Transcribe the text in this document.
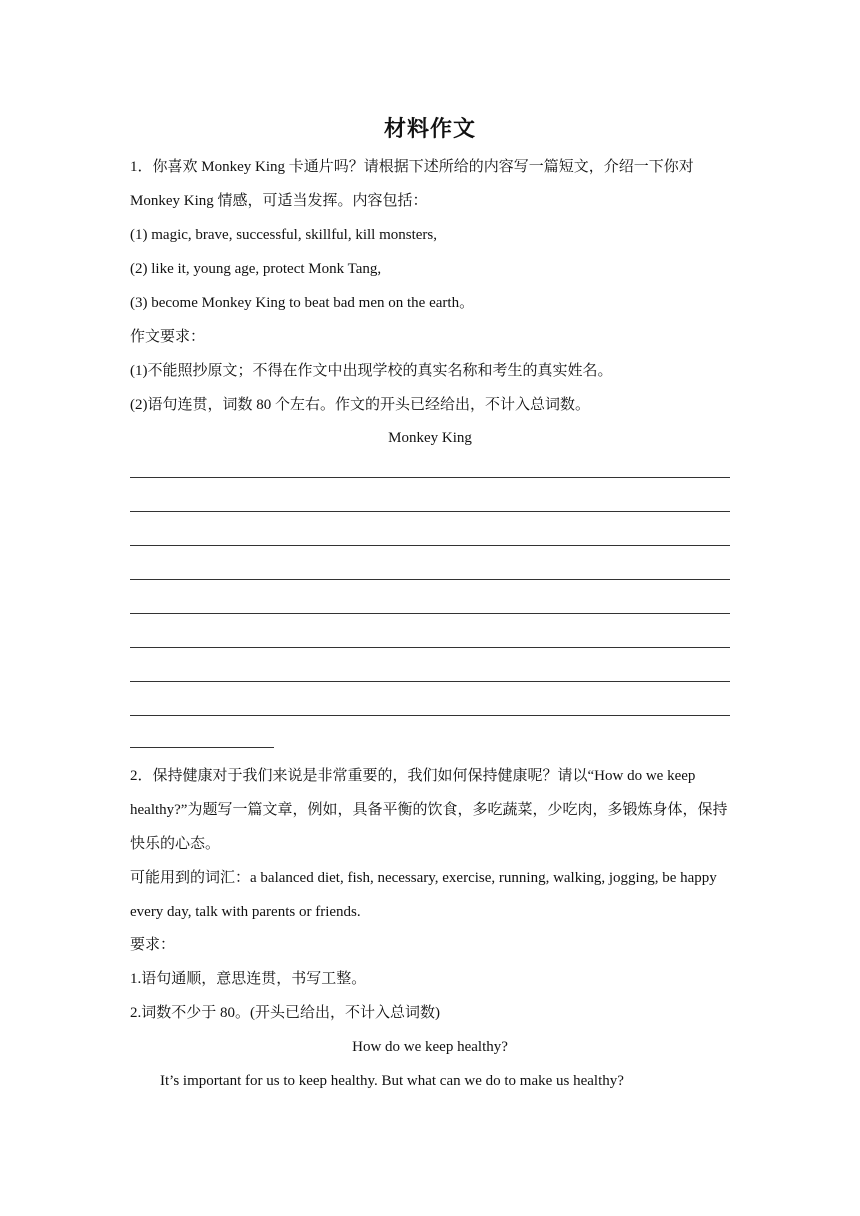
材料作文
1．你喜欢 Monkey King 卡通片吗？请根据下述所给的内容写一篇短文，介绍一下你对
Monkey King 情感，可适当发挥。内容包括：
(1) magic, brave, successful, skillful, kill monsters,
(2) like it, young age, protect Monk Tang,
(3) become Monkey King to beat bad men on the earth。
作文要求：
(1)不能照抄原文；不得在作文中出现学校的真实名称和考生的真实姓名。
(2)语句连贯，词数 80 个左右。作文的开头已经给出，不计入总词数。
Monkey King
2．保持健康对于我们来说是非常重要的，我们如何保持健康呢？请以“How do we keep
healthy?”为题写一篇文章，例如，具备平衡的饮食，多吃蔬菜，少吃肉，多锻炼身体，保持
快乐的心态。
可能用到的词汇：a balanced diet, fish, necessary, exercise, running, walking, jogging, be happy
every day, talk with parents or friends.
要求：
1.语句通顺，意思连贯，书写工整。
2.词数不少于 80。(开头已给出，不计入总词数)
How do we keep healthy?
It’s important for us to keep healthy. But what can we do to make us healthy?
